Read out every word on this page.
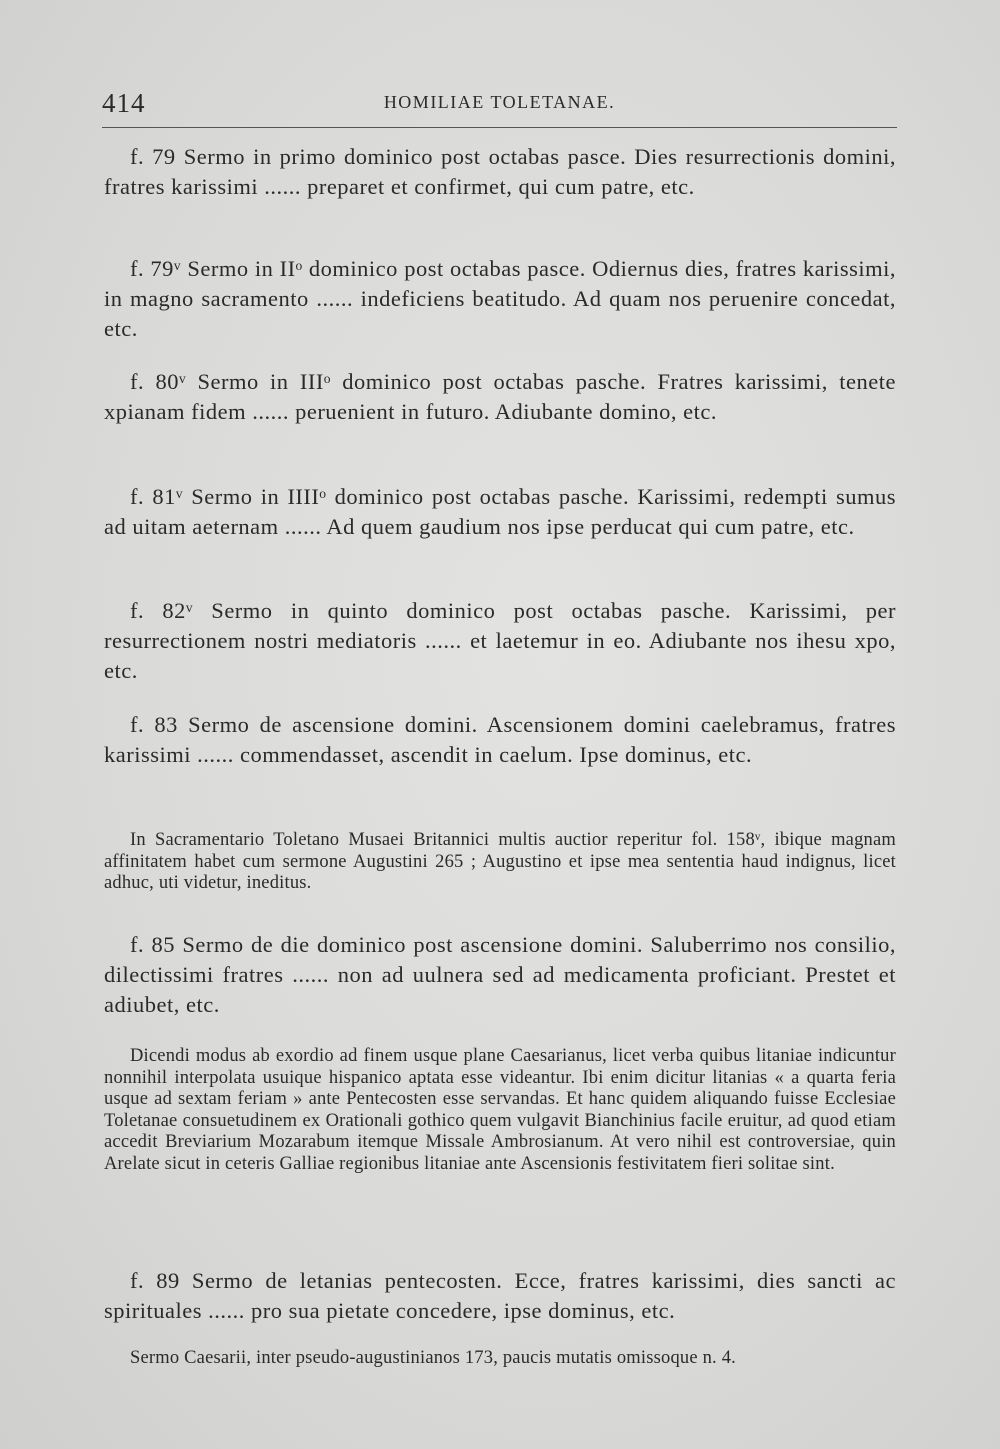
414	HOMILIAE TOLETANAE.

f. 79 Sermo in primo dominico post octabas pasce. Dies resurrectionis domini, fratres karissimi ...... preparet et confirmet, qui cum patre, etc.

f. 79ᵛ Sermo in IIᵒ dominico post octabas pasce. Odiernus dies, fratres karissimi, in magno sacramento ...... indeficiens beatitudo. Ad quam nos peruenire concedat, etc.

f. 80ᵛ Sermo in IIIᵒ dominico post octabas pasche. Fratres karissimi, tenete xpianam fidem ...... peruenient in futuro. Adiubante domino, etc.

f. 81ᵛ Sermo in IIIIᵒ dominico post octabas pasche. Karissimi, redempti sumus ad uitam aeternam ...... Ad quem gaudium nos ipse perducat qui cum patre, etc.

f. 82ᵛ Sermo in quinto dominico post octabas pasche. Karissimi, per resurrectionem nostri mediatoris ...... et laetemur in eo. Adiubante nos ihesu xpo, etc.

f. 83 Sermo de ascensione domini. Ascensionem domini caelebramus, fratres karissimi ...... commendasset, ascendit in caelum. Ipse dominus, etc.

In Sacramentario Toletano Musaei Britannici multis auctior reperitur fol. 158ᵛ, ibique magnam affinitatem habet cum sermone Augustini 265 ; Augustino et ipse mea sententia haud indignus, licet adhuc, uti videtur, ineditus.

f. 85 Sermo de die dominico post ascensione domini. Saluberrimo nos consilio, dilectissimi fratres ...... non ad uulnera sed ad medicamenta proficiant. Prestet et adiubet, etc.

Dicendi modus ab exordio ad finem usque plane Caesarianus, licet verba quibus litaniae indicuntur nonnihil interpolata usuique hispanico aptata esse videantur. Ibi enim dicitur litanias « a quarta feria usque ad sextam feriam » ante Pentecosten esse servandas. Et hanc quidem aliquando fuisse Ecclesiae Toletanae consuetudinem ex Orationali gothico quem vulgavit Bianchinius facile eruitur, ad quod etiam accedit Breviarium Mozarabum itemque Missale Ambrosianum. At vero nihil est controversiae, quin Arelate sicut in ceteris Galliae regionibus litaniae ante Ascensionis festivitatem fieri solitae sint.

f. 89 Sermo de letanias pentecosten. Ecce, fratres karissimi, dies sancti ac spirituales ...... pro sua pietate concedere, ipse dominus, etc.

Sermo Caesarii, inter pseudo-augustinianos 173, paucis mutatis omissoque n. 4.
